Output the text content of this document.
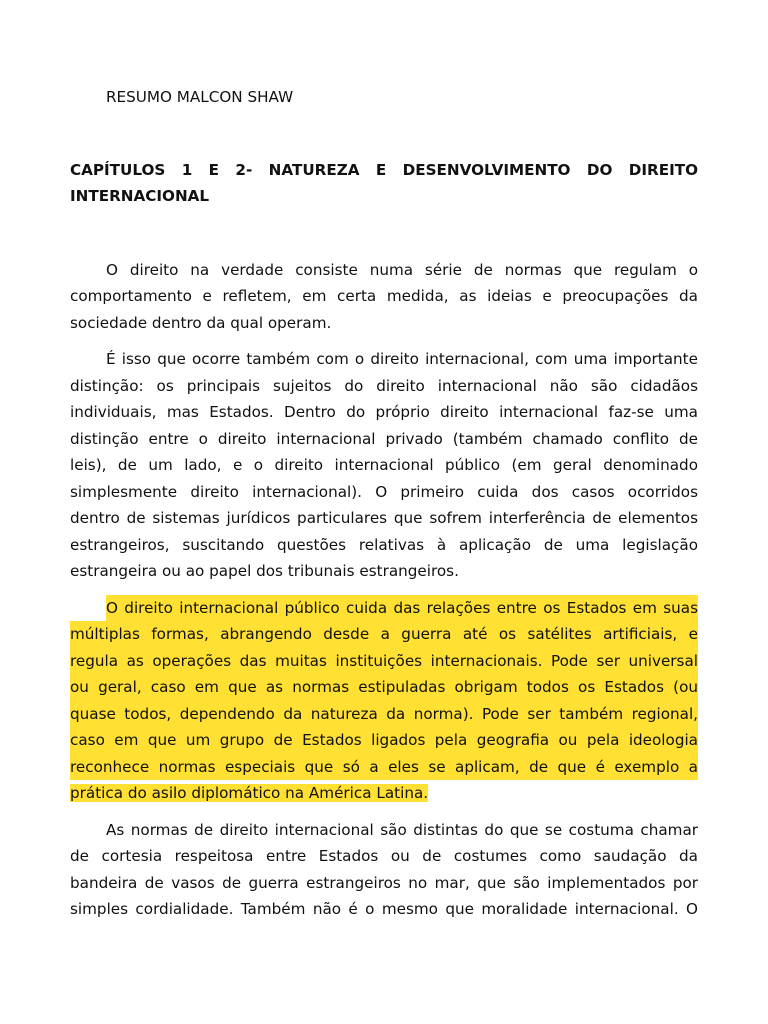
RESUMO MALCON SHAW

CAPÍTULOS 1 E 2- NATUREZA E DESENVOLVIMENTO DO DIREITO
INTERNACIONAL
O direito na verdade consiste numa série de normas que regulam o
comportamento e refletem, em certa medida, as ideias e preocupações da
sociedade dentro da qual operam.
É isso que ocorre também com o direito internacional, com uma importante
distinção: os principais sujeitos do direito internacional não são cidadãos
individuais, mas Estados. Dentro do próprio direito internacional faz-se uma
distinção entre o direito internacional privado (também chamado conflito de
leis), de um lado, e o direito internacional público (em geral denominado
simplesmente direito internacional). O primeiro cuida dos casos ocorridos
dentro de sistemas jurídicos particulares que sofrem interferência de elementos
estrangeiros, suscitando questões relativas à aplicação de uma legislação
estrangeira ou ao papel dos tribunais estrangeiros.
O direito internacional público cuida das relações entre os Estados em suas
múltiplas formas, abrangendo desde a guerra até os satélites artificiais, e
regula as operações das muitas instituições internacionais. Pode ser universal
ou geral, caso em que as normas estipuladas obrigam todos os Estados (ou
quase todos, dependendo da natureza da norma). Pode ser também regional,
caso em que um grupo de Estados ligados pela geografia ou pela ideologia
reconhece normas especiais que só a eles se aplicam, de que é exemplo a
prática do asilo diplomático na América Latina.
As normas de direito internacional são distintas do que se costuma chamar
de cortesia respeitosa entre Estados ou de costumes como saudação da
bandeira de vasos de guerra estrangeiros no mar, que são implementados por
simples cordialidade. Também não é o mesmo que moralidade internacional. O
